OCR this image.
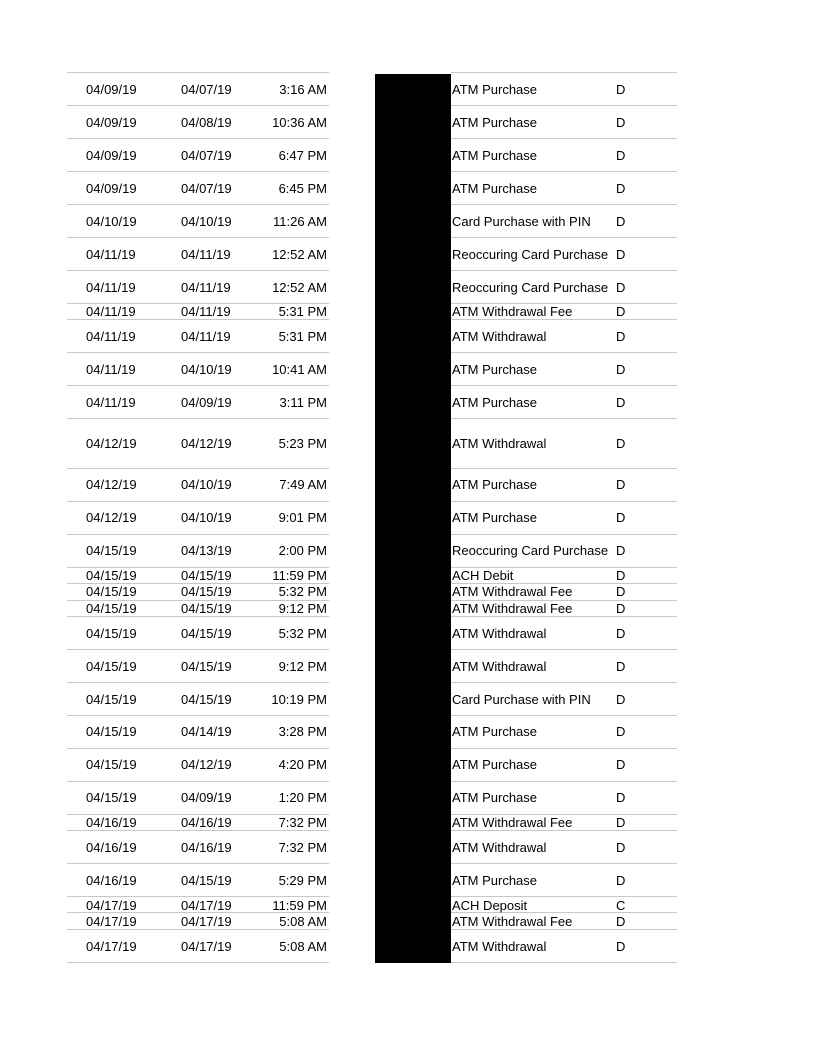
04/09/19	04/07/19	3:16 AM	ATM Purchase	D
04/09/19	04/08/19	10:36 AM	ATM Purchase	D
04/09/19	04/07/19	6:47 PM	ATM Purchase	D
04/09/19	04/07/19	6:45 PM	ATM Purchase	D
04/10/19	04/10/19	11:26 AM	Card Purchase with PIN D
04/11/19	04/11/19	12:52 AM	Reoccuring Card Purchase D
04/11/19	04/11/19	12:52 AM	Reoccuring Card Purchase D
04/11/19	04/11/19	5:31 PM	ATM Withdrawal Fee	D
04/11/19	04/11/19	5:31 PM	ATM Withdrawal	D
04/11/19	04/10/19	10:41 AM	ATM Purchase	D
04/11/19	04/09/19	3:11 PM	ATM Purchase	D
04/12/19	04/12/19	5:23 PM	ATM Withdrawal	D
04/12/19	04/10/19	7:49 AM	ATM Purchase	D
04/12/19	04/10/19	9:01 PM	ATM Purchase	D
04/15/19	04/13/19	2:00 PM	Reoccuring Card Purchase D
04/15/19	04/15/19	11:59 PM	ACH Debit	D
04/15/19	04/15/19	5:32 PM	ATM Withdrawal Fee	D
04/15/19	04/15/19	9:12 PM	ATM Withdrawal Fee	D
04/15/19	04/15/19	5:32 PM	ATM Withdrawal	D
04/15/19	04/15/19	9:12 PM	ATM Withdrawal	D
04/15/19	04/15/19	10:19 PM	Card Purchase with PIN D
04/15/19	04/14/19	3:28 PM	ATM Purchase	D
04/15/19	04/12/19	4:20 PM	ATM Purchase	D
04/15/19	04/09/19	1:20 PM	ATM Purchase	D
04/16/19	04/16/19	7:32 PM	ATM Withdrawal Fee	D
04/16/19	04/16/19	7:32 PM	ATM Withdrawal	D
04/16/19	04/15/19	5:29 PM	ATM Purchase	D
04/17/19	04/17/19	11:59 PM	ACH Deposit	C
04/17/19	04/17/19	5:08 AM	ATM Withdrawal Fee	D
04/17/19	04/17/19	5:08 AM	ATM Withdrawal	D
